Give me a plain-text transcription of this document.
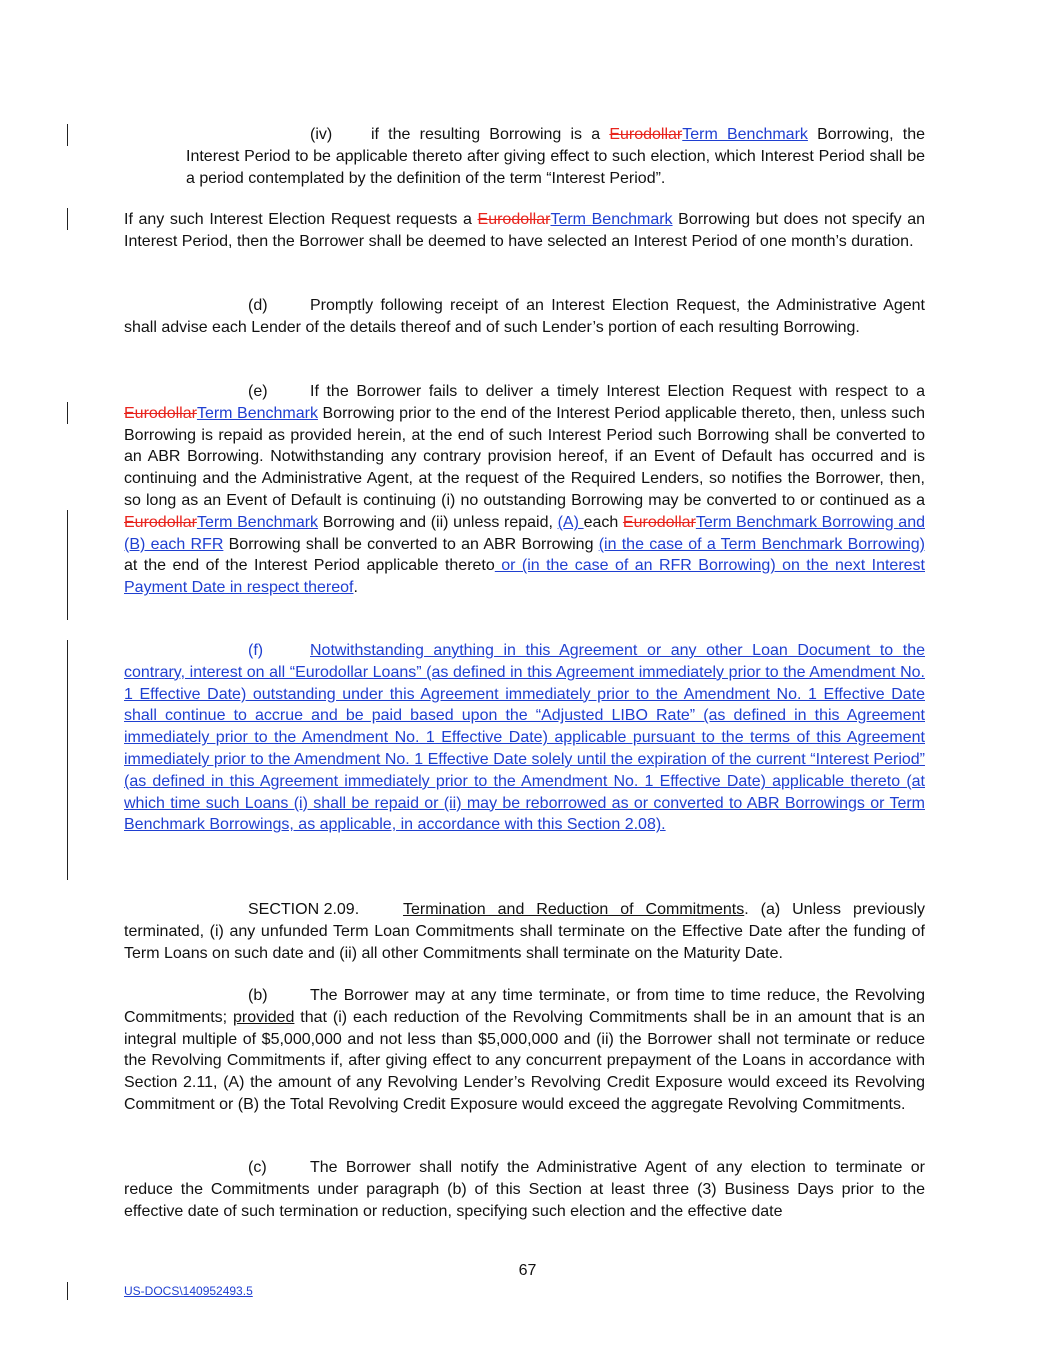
(iv) if the resulting Borrowing is a EurodollarTerm Benchmark Borrowing, the Interest Period to be applicable thereto after giving effect to such election, which Interest Period shall be a period contemplated by the definition of the term “Interest Period”.
If any such Interest Election Request requests a EurodollarTerm Benchmark Borrowing but does not specify an Interest Period, then the Borrower shall be deemed to have selected an Interest Period of one month’s duration.
(d)	Promptly following receipt of an Interest Election Request, the Administrative Agent shall advise each Lender of the details thereof and of such Lender’s portion of each resulting Borrowing.
(e)	If the Borrower fails to deliver a timely Interest Election Request with respect to a EurodollarTerm Benchmark Borrowing prior to the end of the Interest Period applicable thereto, then, unless such Borrowing is repaid as provided herein, at the end of such Interest Period such Borrowing shall be converted to an ABR Borrowing. Notwithstanding any contrary provision hereof, if an Event of Default has occurred and is continuing and the Administrative Agent, at the request of the Required Lenders, so notifies the Borrower, then, so long as an Event of Default is continuing (i) no outstanding Borrowing may be converted to or continued as a EurodollarTerm Benchmark Borrowing and (ii) unless repaid, (A) each EurodollarTerm Benchmark Borrowing and (B) each RFR Borrowing shall be converted to an ABR Borrowing (in the case of a Term Benchmark Borrowing) at the end of the Interest Period applicable thereto or (in the case of an RFR Borrowing) on the next Interest Payment Date in respect thereof.
(f)	Notwithstanding anything in this Agreement or any other Loan Document to the contrary, interest on all “Eurodollar Loans” (as defined in this Agreement immediately prior to the Amendment No. 1 Effective Date) outstanding under this Agreement immediately prior to the Amendment No. 1 Effective Date shall continue to accrue and be paid based upon the “Adjusted LIBO Rate” (as defined in this Agreement immediately prior to the Amendment No. 1 Effective Date) applicable pursuant to the terms of this Agreement immediately prior to the Amendment No. 1 Effective Date solely until the expiration of the current “Interest Period” (as defined in this Agreement immediately prior to the Amendment No. 1 Effective Date) applicable thereto (at which time such Loans (i) shall be repaid or (ii) may be reborrowed as or converted to ABR Borrowings or Term Benchmark Borrowings, as applicable, in accordance with this Section 2.08).
SECTION 2.09.	Termination and Reduction of Commitments. (a) Unless previously terminated, (i) any unfunded Term Loan Commitments shall terminate on the Effective Date after the funding of Term Loans on such date and (ii) all other Commitments shall terminate on the Maturity Date.
(b)	The Borrower may at any time terminate, or from time to time reduce, the Revolving Commitments; provided that (i) each reduction of the Revolving Commitments shall be in an amount that is an integral multiple of $5,000,000 and not less than $5,000,000 and (ii) the Borrower shall not terminate or reduce the Revolving Commitments if, after giving effect to any concurrent prepayment of the Loans in accordance with Section 2.11, (A) the amount of any Revolving Lender’s Revolving Credit Exposure would exceed its Revolving Commitment or (B) the Total Revolving Credit Exposure would exceed the aggregate Revolving Commitments.
(c)	The Borrower shall notify the Administrative Agent of any election to terminate or reduce the Commitments under paragraph (b) of this Section at least three (3) Business Days prior to the effective date of such termination or reduction, specifying such election and the effective date
67
US-DOCS\140952493.5
